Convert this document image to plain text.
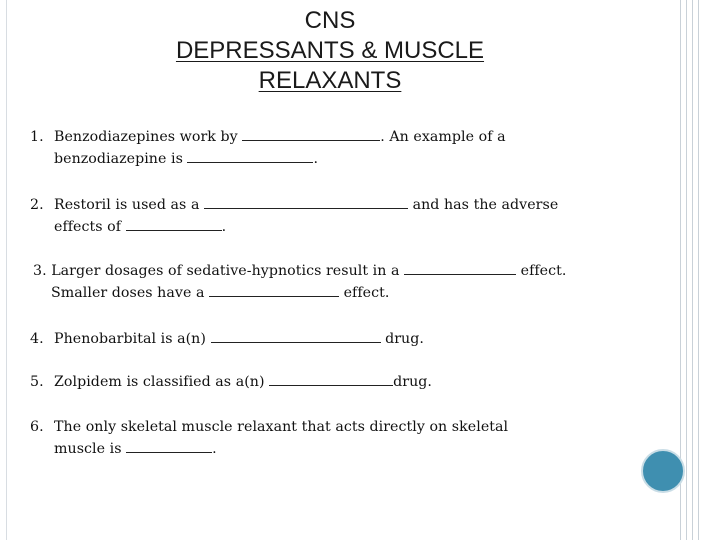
CNS
DEPRESSANTS & MUSCLE
RELAXANTS
1. Benzodiazepines work by	. An example of a
benzodiazepine is	.
2. Restoril is used as a	and has the adverse
effects of	.
3. Larger dosages of sedative-hypnotics result in a	effect.
Smaller doses have a	effect.
4. Phenobarbital is a(n)	drug.
5. Zolpidem is classified as a(n)	drug.
6. The only skeletal muscle relaxant that acts directly on skeletal
muscle is	.
